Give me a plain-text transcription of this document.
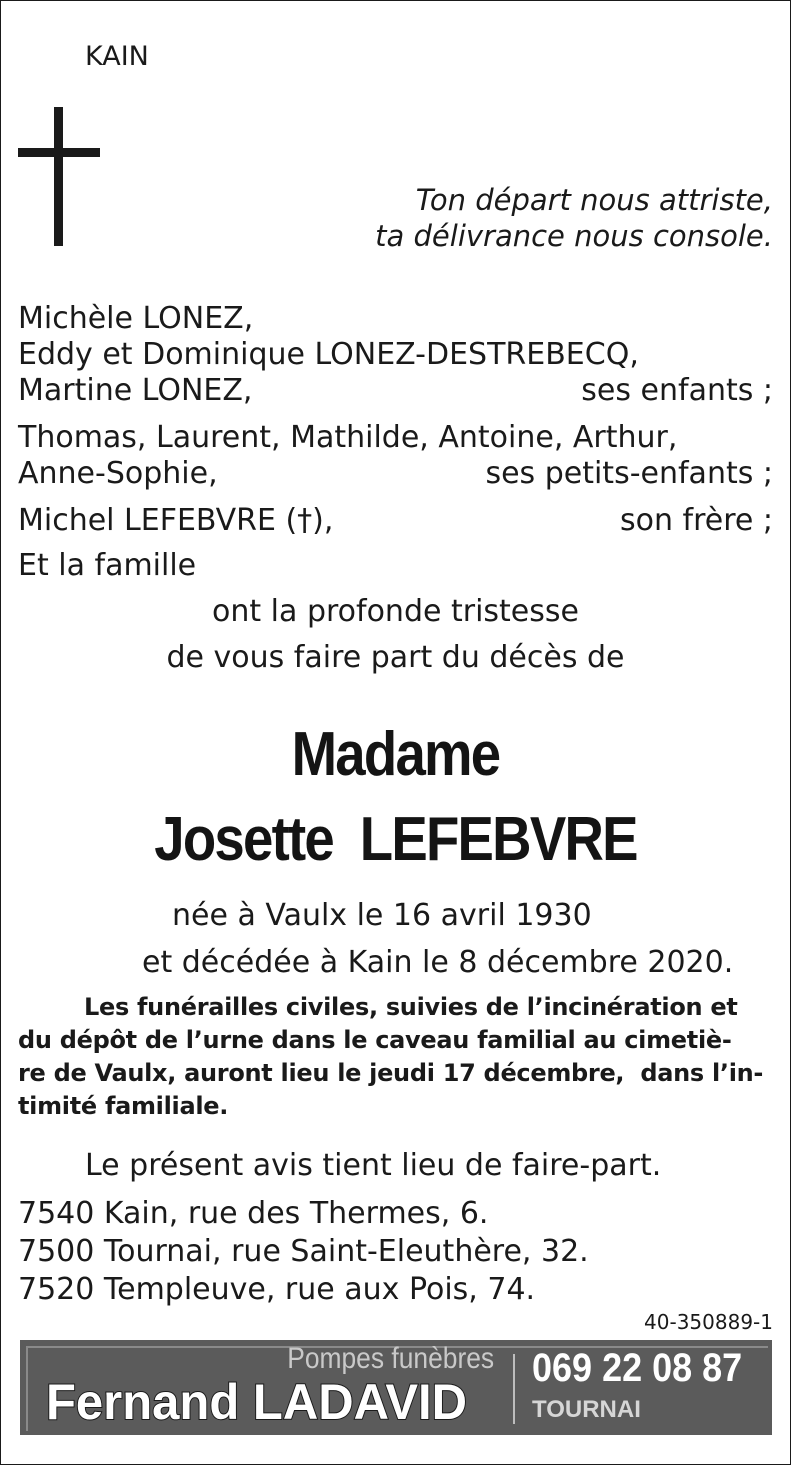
KAIN
Ton départ nous attriste,
ta délivrance nous console.
Michèle LONEZ,
Eddy et Dominique LONEZ-DESTREBECQ,
Martine LONEZ,	ses enfants ;
Thomas, Laurent, Mathilde, Antoine, Arthur,
Anne-Sophie,	ses petits-enfants ;
Michel LEFEBVRE (†),	son frère ;
Et la famille
ont la profonde tristesse
de vous faire part du décès de
Madame
Josette  LEFEBVRE
née à Vaulx le 16 avril 1930
et décédée à Kain le 8 décembre 2020.
Les funérailles civiles, suivies de l’incinération et
du dépôt de l’urne dans le caveau familial au cimetiè-
re de Vaulx, auront lieu le jeudi 17 décembre,  dans l’in-
timité familiale.
Le présent avis tient lieu de faire-part.
7540 Kain, rue des Thermes, 6.
7500 Tournai, rue Saint-Eleuthère, 32.
7520 Templeuve, rue aux Pois, 74.
40-350889-1
Pompes funèbres
Fernand LADAVID
069 22 08 87
TOURNAI
